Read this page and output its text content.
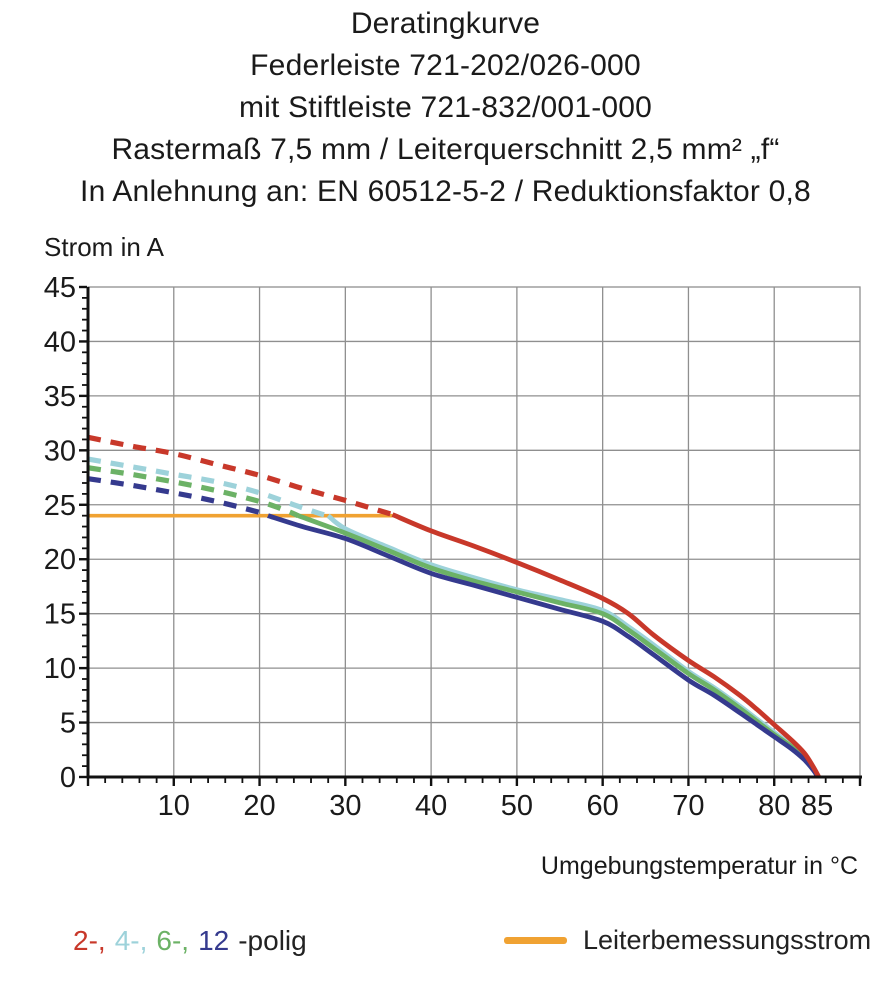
Deratingkurve
Federleiste 721-202/026-000
mit Stiftleiste 721-832/001-000
Rastermaß 7,5 mm / Leiterquerschnitt 2,5 mm² „f“
In Anlehnung an: EN 60512-5-2 / Reduktionsfaktor 0,8
10 20 30 40 50 60 70 80 85
0
5
10
15
20
25
30
35
40
45
Strom in A
Umgebungstemperatur in °C
2-, 4-, 6-, 12 -polig	Leiterbemessungsstrom
